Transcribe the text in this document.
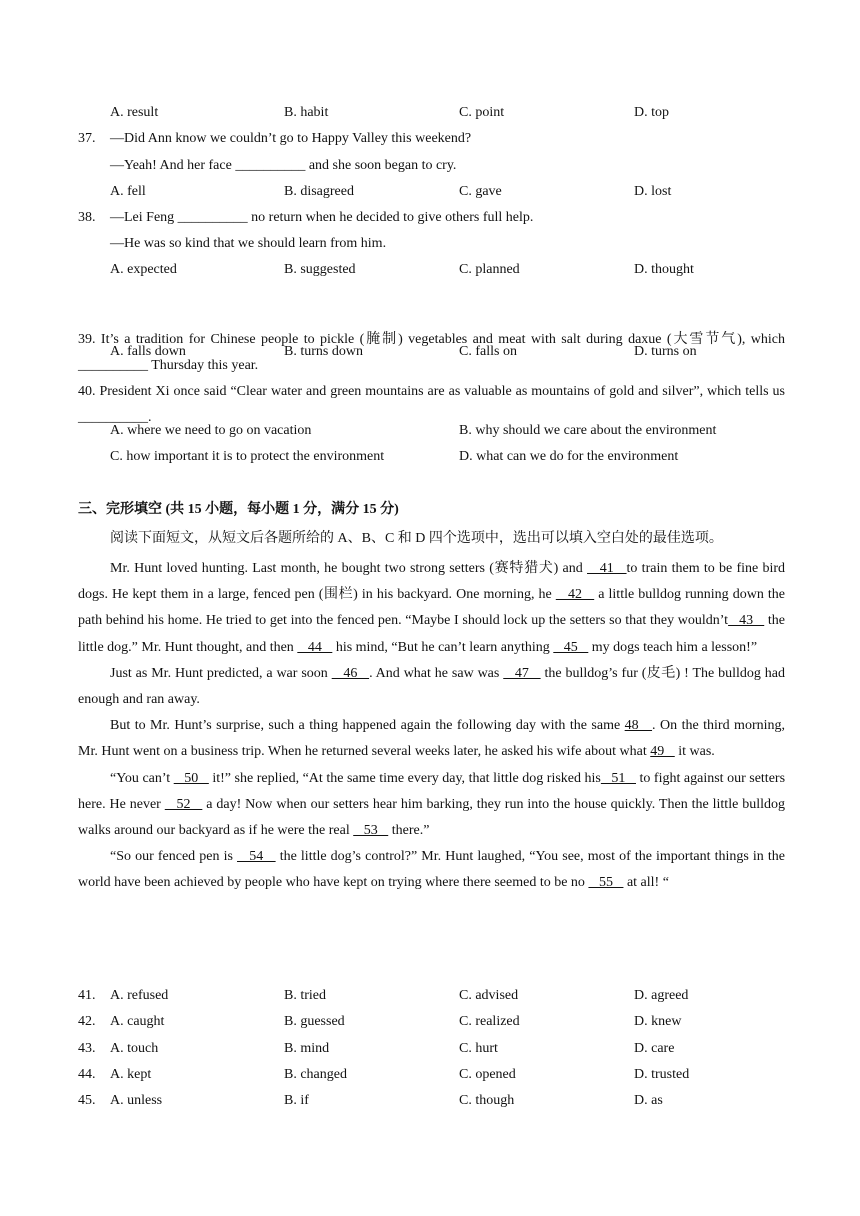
A. result	B. habit	C. point	D. top
37. —Did Ann know we couldn’t go to Happy Valley this weekend?
—Yeah! And her face __________ and she soon began to cry.
A. fell	B. disagreed	C. gave	D. lost
38. —Lei Feng __________ no return when he decided to give others full help.
—He was so kind that we should learn from him.
A. expected	B. suggested	C. planned	D. thought

39. It’s a tradition for Chinese people to pickle (腌制) vegetables and meat with salt during daxue (大雪节气), which __________ Thursday this year.

A. falls down	B. turns down	C. falls on	D. turns on

40. President Xi once said “Clear water and green mountains are as valuable as mountains of gold and silver”, which tells us __________.

A. where we need to go on vacation	B. why should we care about the environment
C. how important it is to protect the environment	D. what can we do for the environment
三、完形填空 (共 15 小题，每小题 1 分，满分 15 分)
阅读下面短文，从短文后各题所给的 A、B、C 和 D 四个选项中，选出可以填入空白处的最佳选项。

Mr. Hunt loved hunting. Last month, he bought two strong setters (赛特猎犬) and    41   to train them to be fine bird dogs. He kept them in a large, fenced pen (围栏) in his backyard. One morning, he    42    a little bulldog running down the path behind his home. He tried to get into the fenced pen. “Maybe I should lock up the setters so that they wouldn’t   43    the little dog.” Mr. Hunt thought, and then    44    his mind, “But he can’t learn anything    45    my dogs teach him a lesson!”

Just as Mr. Hunt predicted, a war soon    46   . And what he saw was    47    the bulldog’s fur (皮毛) ! The bulldog had enough and ran away.

But to Mr. Hunt’s surprise, such a thing happened again the following day with the same 48   . On the third morning, Mr. Hunt went on a business trip. When he returned several weeks later, he asked his wife about what 49    it was.

“You can’t    50    it!” she replied, “At the same time every day, that little dog risked his   51    to fight against our setters here. He never    52    a day! Now when our setters hear him barking, they run into the house quickly. Then the little bulldog walks around our backyard as if he were the real    53    there.”

“So our fenced pen is    54    the little dog’s control?” Mr. Hunt laughed, “You see, most of the important things in the world have been achieved by people who have kept on trying where there seemed to be no    55    at all! “

41. A. refused	B. tried	C. advised	D. agreed
42. A. caught	B. guessed	C. realized	D. knew
43. A. touch	B. mind	C. hurt	D. care
44. A. kept	B. changed	C. opened	D. trusted
45. A. unless	B. if	C. though	D. as
